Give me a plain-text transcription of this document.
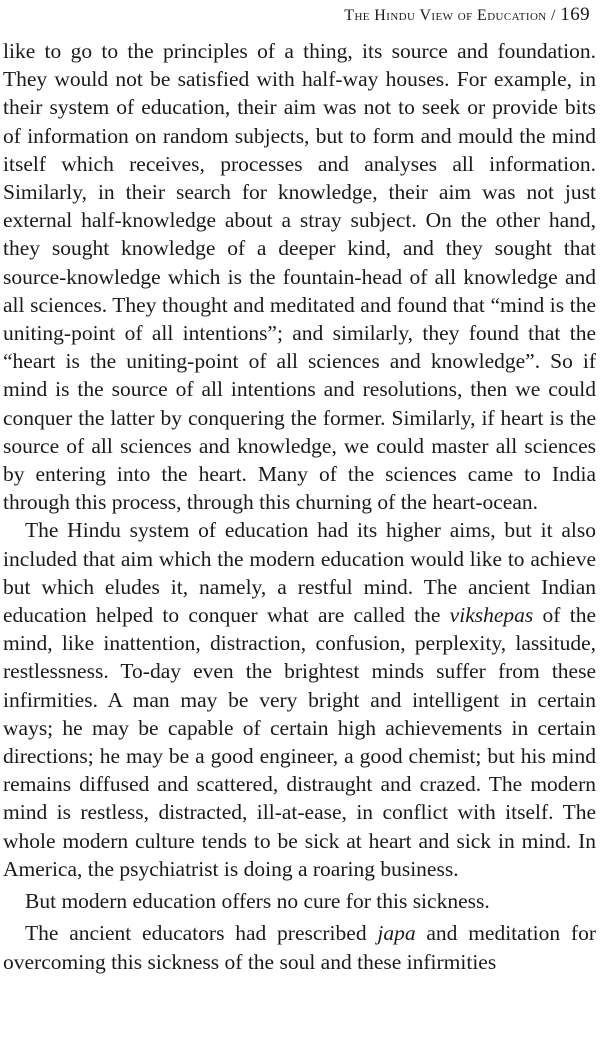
The Hindu View of Education / 169

like to go to the principles of a thing, its source and foundation. They would not be satisfied with half-way houses. For example, in their system of education, their aim was not to seek or provide bits of information on random subjects, but to form and mould the mind itself which receives, processes and analyses all information. Similarly, in their search for knowledge, their aim was not just external half-knowledge about a stray subject. On the other hand, they sought knowledge of a deeper kind, and they sought that source-knowledge which is the fountain-head of all knowledge and all sciences. They thought and meditated and found that “mind is the uniting-point of all intentions”; and similarly, they found that the “heart is the uniting-point of all sciences and knowledge”. So if mind is the source of all intentions and resolutions, then we could conquer the latter by conquering the former. Similarly, if heart is the source of all sciences and knowledge, we could master all sciences by entering into the heart. Many of the sciences came to India through this process, through this churning of the heart-ocean.

The Hindu system of education had its higher aims, but it also included that aim which the modern education would like to achieve but which eludes it, namely, a restful mind. The ancient Indian education helped to conquer what are called the vikshepas of the mind, like inattention, distraction, confusion, perplexity, lassitude, restlessness. To-day even the brightest minds suffer from these infirmities. A man may be very bright and intelligent in certain ways; he may be capable of certain high achievements in certain directions; he may be a good engineer, a good chemist; but his mind remains diffused and scattered, distraught and crazed. The modern mind is restless, distracted, ill-at-ease, in conflict with itself. The whole modern culture tends to be sick at heart and sick in mind. In America, the psychiatrist is doing a roaring business.

But modern education offers no cure for this sickness.

The ancient educators had prescribed japa and meditation for overcoming this sickness of the soul and these infirmities
